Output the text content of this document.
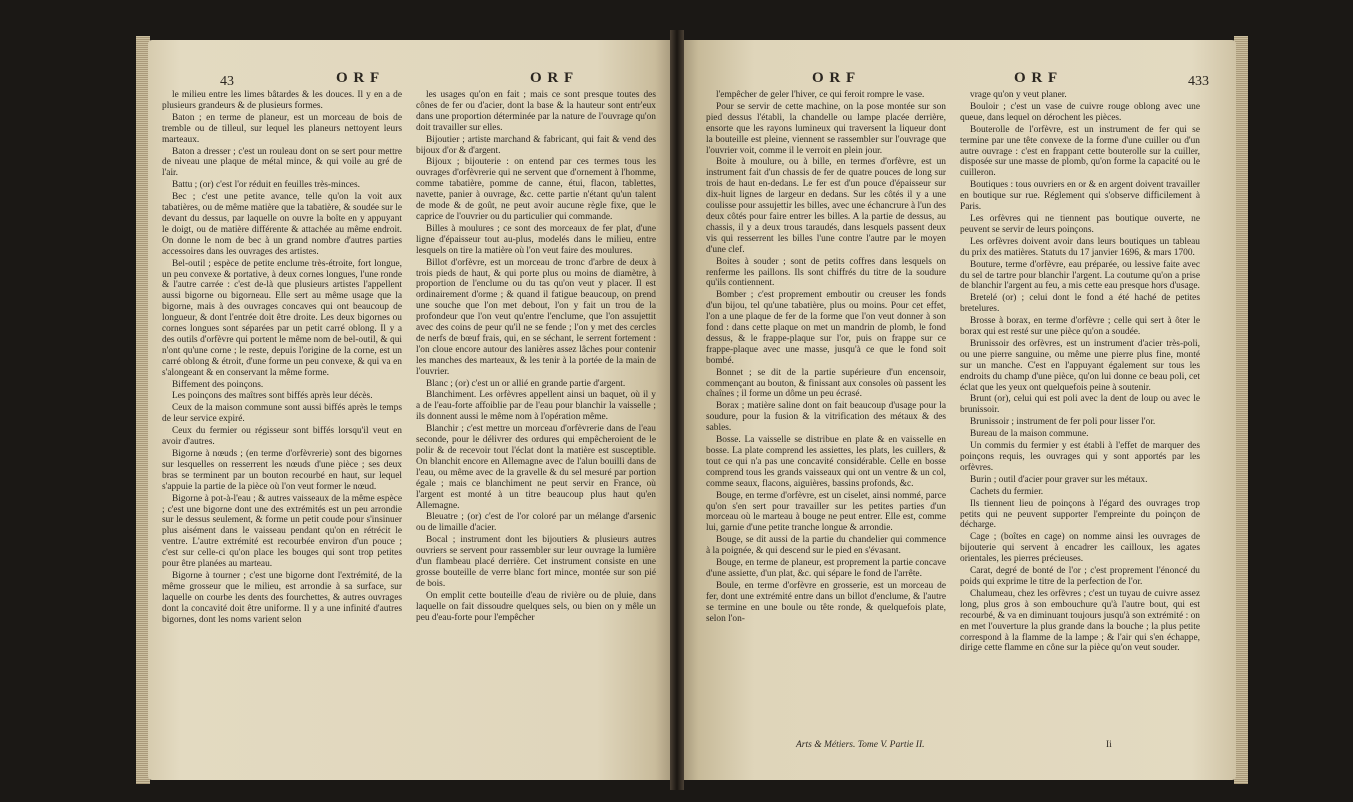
43	O R F	O R F

le milieu entre les limes bâtardes & les douces. Il y en a de plusieurs grandeurs & de plusieurs formes.

Baton ; en terme de planeur, est un morceau de bois de tremble ou de tilleul, sur lequel les planeurs nettoyent leurs marteaux.

Baton a dresser ; c'est un rouleau dont on se sert pour mettre de niveau une plaque de métal mince, & qui voile au gré de l'air.

Battu ; (or) c'est l'or réduit en feuilles très-minces.

Bec ; c'est une petite avance, telle qu'on la voit aux tabatières, ou de même matière que la tabatière, & soudée sur le devant du dessus, par laquelle on ouvre la boîte en y appuyant le doigt, ou de matière différente & attachée au même endroit. On donne le nom de bec à un grand nombre d'autres parties accessoires dans les ouvrages des artistes.

Bel-outil ; espèce de petite enclume très-étroite, fort longue, un peu convexe & portative, à deux cornes longues, l'une ronde & l'autre carrée : c'est de-là que plusieurs artistes l'appellent aussi bigorne ou bigorneau. Elle sert au même usage que la bigorne, mais à des ouvrages concaves qui ont beaucoup de longueur, & dont l'entrée doit être droite. Les deux bigornes ou cornes longues sont séparées par un petit carré oblong. Il y a des outils d'orfèvre qui portent le même nom de bel-outil, & qui n'ont qu'une corne ; le reste, depuis l'origine de la corne, est un carré oblong & étroit, d'une forme un peu convexe, & qui va en s'alongeant & en conservant la même forme.

Biffement des poinçons.

Les poinçons des maîtres sont biffés après leur décès.

Ceux de la maison commune sont aussi biffés après le temps de leur service expiré.

Ceux du fermier ou régisseur sont biffés lorsqu'il veut en avoir d'autres.

Bigorne à nœuds ; (en terme d'orfèvrerie) sont des bigornes sur lesquelles on resserrent les nœuds d'une pièce ; ses deux bras se terminent par un bouton recourbé en haut, sur lequel s'appuie la partie de la pièce où l'on veut former le nœud.

Bigorne à pot-à-l'eau ; & autres vaisseaux de la même espèce ; c'est une bigorne dont une des extrémités est un peu arrondie sur le dessus seulement, & forme un petit coude pour s'insinuer plus aisément dans le vaisseau pendant qu'on en rétrécit le ventre. L'autre extrémité est recourbée environ d'un pouce ; c'est sur celle-ci qu'on place les bouges qui sont trop petites pour être planées au marteau.

Bigorne à tourner ; c'est une bigorne dont l'extrémité, de la même grosseur que le milieu, est arrondie à sa surface, sur laquelle on courbe les dents des fourchettes, & autres ouvrages dont la concavité doit être uniforme. Il y a une infinité d'autres bigornes, dont les noms varient selon

les usages qu'on en fait ; mais ce sont presque toutes des cônes de fer ou d'acier, dont la base & la hauteur sont entr'eux dans une proportion déterminée par la nature de l'ouvrage qu'on doit travailler sur elles.

Bijoutier ; artiste marchand & fabricant, qui fait & vend des bijoux d'or & d'argent.

Bijoux ; bijouterie : on entend par ces termes tous les ouvrages d'orfèvrerie qui ne servent que d'ornement à l'homme, comme tabatière, pomme de canne, étui, flacon, tablettes, navette, panier à ouvrage, &c. cette partie n'étant qu'un talent de mode & de goût, ne peut avoir aucune règle fixe, que le caprice de l'ouvrier ou du particulier qui commande.

Billes à moulures ; ce sont des morceaux de fer plat, d'une ligne d'épaisseur tout au-plus, modelés dans le milieu, entre lesquels on tire la matière où l'on veut faire des moulures.

Billot d'orfèvre, est un morceau de tronc d'arbre de deux à trois pieds de haut, & qui porte plus ou moins de diamètre, à proportion de l'enclume ou du tas qu'on veut y placer. Il est ordinairement d'orme ; & quand il fatigue beaucoup, on prend une souche que l'on met debout, l'on y fait un trou de la profondeur que l'on veut qu'entre l'enclume, que l'on assujettit avec des coins de peur qu'il ne se fende ; l'on y met des cercles de nerfs de bœuf frais, qui, en se séchant, le serrent fortement : l'on cloue encore autour des lanières assez lâches pour contenir les manches des marteaux, & les tenir à la portée de la main de l'ouvrier.

Blanc ; (or) c'est un or allié en grande partie d'argent.

Blanchiment. Les orfèvres appellent ainsi un baquet, où il y a de l'eau-forte affoiblie par de l'eau pour blanchir la vaisselle ; ils donnent aussi le même nom à l'opération même.

Blanchir ; c'est mettre un morceau d'orfèvrerie dans de l'eau seconde, pour le délivrer des ordures qui empêcheroient de le polir & de recevoir tout l'éclat dont la matière est susceptible. On blanchit encore en Allemagne avec de l'alun bouilli dans de l'eau, ou même avec de la gravelle & du sel mesuré par portion égale ; mais ce blanchiment ne peut servir en France, où l'argent est monté à un titre beaucoup plus haut qu'en Allemagne.

Bleuatre ; (or) c'est de l'or coloré par un mélange d'arsenic ou de limaille d'acier.

Bocal ; instrument dont les bijoutiers & plusieurs autres ouvriers se servent pour rassembler sur leur ouvrage la lumière d'un flambeau placé derrière. Cet instrument consiste en une grosse bouteille de verre blanc fort mince, montée sur son pié de bois.

On emplit cette bouteille d'eau de rivière ou de pluie, dans laquelle on fait dissoudre quelques sels, ou bien on y mêle un peu d'eau-forte pour l'empêcher

O R F	O R F	433

l'empêcher de geler l'hiver, ce qui feroit rompre le vase.

Pour se servir de cette machine, on la pose montée sur son pied dessus l'établi, la chandelle ou lampe placée derrière, ensorte que les rayons lumineux qui traversent la liqueur dont la bouteille est pleine, viennent se rassembler sur l'ouvrage que l'ouvrier voit, comme il le verroit en plein jour.

Boite à moulure, ou à bille, en termes d'orfèvre, est un instrument fait d'un chassis de fer de quatre pouces de long sur trois de haut en-dedans. Le fer est d'un pouce d'épaisseur sur dix-huit lignes de largeur en dedans. Sur les côtés il y a une coulisse pour assujettir les billes, avec une échancrure à l'un des deux côtés pour faire entrer les billes. A la partie de dessus, au chassis, il y a deux trous taraudés, dans lesquels passent deux vis qui resserrent les billes l'une contre l'autre par le moyen d'une clef.

Boites à souder ; sont de petits coffres dans lesquels on renferme les paillons. Ils sont chiffrés du titre de la soudure qu'ils contiennent.

Bomber ; c'est proprement emboutir ou creuser les fonds d'un bijou, tel qu'une tabatière, plus ou moins. Pour cet effet, l'on a une plaque de fer de la forme que l'on veut donner à son fond : dans cette plaque on met un mandrin de plomb, le fond dessus, & le frappe-plaque sur l'or, puis on frappe sur ce frappe-plaque avec une masse, jusqu'à ce que le fond soit bombé.

Bonnet ; se dit de la partie supérieure d'un encensoir, commençant au bouton, & finissant aux consoles où passent les chaînes ; il forme un dôme un peu écrasé.

Borax ; matière saline dont on fait beaucoup d'usage pour la soudure, pour la fusion & la vitrification des métaux & des sables.

Bosse. La vaisselle se distribue en plate & en vaisselle en bosse. La plate comprend les assiettes, les plats, les cuillers, & tout ce qui n'a pas une concavité considérable. Celle en bosse comprend tous les grands vaisseaux qui ont un ventre & un col, comme seaux, flacons, aiguières, bassins profonds, &c.

Bouge, en terme d'orfèvre, est un ciselet, ainsi nommé, parce qu'on s'en sert pour travailler sur les petites parties d'un morceau où le marteau à bouge ne peut entrer. Elle est, comme lui, garnie d'une petite tranche longue & arrondie.

Bouge, se dit aussi de la partie du chandelier qui commence à la poignée, & qui descend sur le pied en s'évasant.

Bouge, en terme de planeur, est proprement la partie concave d'une assiette, d'un plat, &c. qui sépare le fond de l'arrête.

Boule, en terme d'orfèvre en grosserie, est un morceau de fer, dont une extrémité entre dans un billot d'enclume, & l'autre se termine en une boule ou tête ronde, & quelquefois plate, selon l'on-

vrage qu'on y veut planer.

Bouloir ; c'est un vase de cuivre rouge oblong avec une queue, dans lequel on dérochent les pièces.

Bouterolle de l'orfèvre, est un instrument de fer qui se termine par une tête convexe de la forme d'une cuiller ou d'un autre ouvrage : c'est en frappant cette bouterolle sur la cuiller, disposée sur une masse de plomb, qu'on forme la capacité ou le cuilleron.

Boutiques : tous ouvriers en or & en argent doivent travailler en boutique sur rue. Réglement qui s'observe difficilement à Paris.

Les orfèvres qui ne tiennent pas boutique ouverte, ne peuvent se servir de leurs poinçons.

Les orfèvres doivent avoir dans leurs boutiques un tableau du prix des matières. Statuts du 17 janvier 1696, & mars 1700.

Bouture, terme d'orfèvre, eau préparée, ou lessive faite avec du sel de tartre pour blanchir l'argent. La coutume qu'on a prise de blanchir l'argent au feu, a mis cette eau presque hors d'usage.

Bretelé (or) ; celui dont le fond a été haché de petites bretelures.

Brosse à borax, en terme d'orfèvre ; celle qui sert à ôter le borax qui est resté sur une pièce qu'on a soudée.

Brunissoir des orfèvres, est un instrument d'acier très-poli, ou une pierre sanguine, ou même une pierre plus fine, monté sur un manche. C'est en l'appuyant également sur tous les endroits du champ d'une pièce, qu'on lui donne ce beau poli, cet éclat que les yeux ont quelquefois peine à soutenir.

Brunt (or), celui qui est poli avec la dent de loup ou avec le brunissoir.

Brunissoir ; instrument de fer poli pour lisser l'or.

Bureau de la maison commune.

Un commis du fermier y est établi à l'effet de marquer des poinçons requis, les ouvrages qui y sont apportés par les orfèvres.

Burin ; outil d'acier pour graver sur les métaux.

Cachets du fermier.

Ils tiennent lieu de poinçons à l'égard des ouvrages trop petits qui ne peuvent supporter l'empreinte du poinçon de décharge.

Cage ; (boîtes en cage) on nomme ainsi les ouvrages de bijouterie qui servent à encadrer les cailloux, les agates orientales, les pierres précieuses.

Carat, degré de bonté de l'or ; c'est proprement l'énoncé du poids qui exprime le titre de la perfection de l'or.

Chalumeau, chez les orfèvres ; c'est un tuyau de cuivre assez long, plus gros à son embouchure qu'à l'autre bout, qui est recourbé, & va en diminuant toujours jusqu'à son extrémité : on en met l'ouverture la plus grande dans la bouche ; la plus petite correspond à la flamme de la lampe ; & l'air qui s'en échappe, dirige cette flamme en cône sur la pièce qu'on veut souder.

Arts & Métiers. Tome V. Partie II.	Ii
